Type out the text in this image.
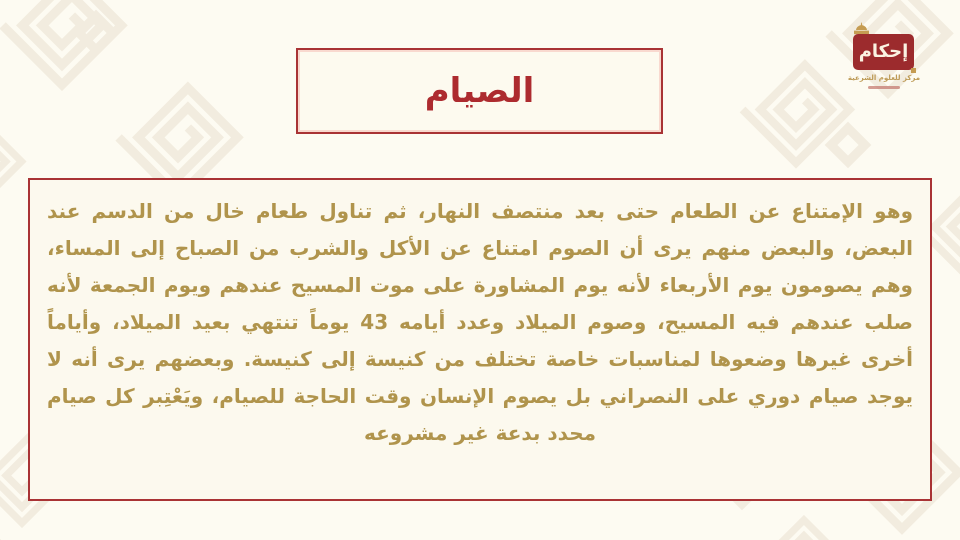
الصيام

وهو الإمتناع عن الطعام حتى بعد منتصف النهار، ثم تناول طعام خال من الدسم عند البعض، والبعض منهم يرى أن الصوم امتناع عن الأكل والشرب من الصباح إلى المساء، وهم يصومون يوم الأربعاء لأنه يوم المشاورة على موت المسيح عندهم ويوم الجمعة لأنه صلب عندهم فيه المسيح، وصوم الميلاد وعدد أيامه 43 يوماً تنتهي بعيد الميلاد، وأياماً أخرى غيرها وضعوها لمناسبات خاصة تختلف من كنيسة إلى كنيسة. وبعضهم يرى أنه لا يوجد صيام دوري على النصراني بل يصوم الإنسان وقت الحاجة للصيام، ويَعْتِبر كل صيام محدد بدعة غير مشروعه

إحكام
مركز للعلوم الشرعية
